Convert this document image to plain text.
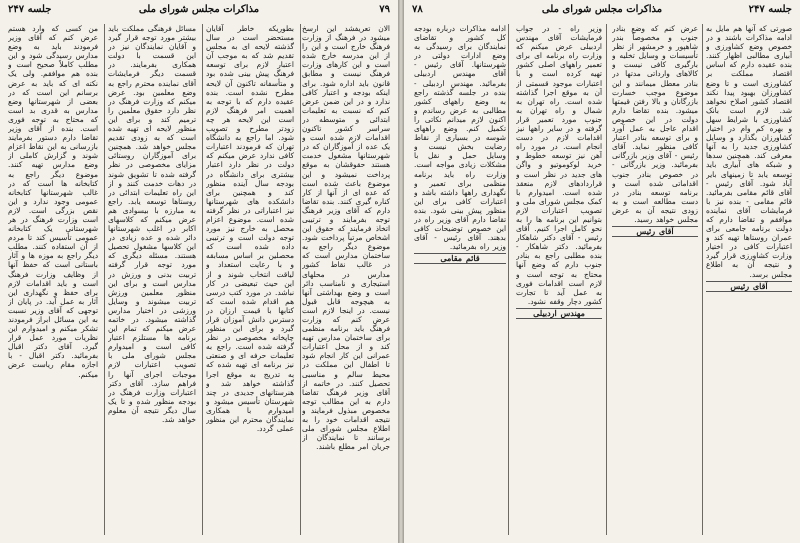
۷۹
مذاکرات مجلس شورای ملی
جلسه ۲۴۷

الان تعریفشد این ارسخ میشود در فرهنگ از وزارت فرهنگ خارج است و این را از این مدرسه خارج شده است و این کارهای وزارت فرهنگ نیست و مطابق قانون باید اداره شود. برای اینکه بودجه و اعتبار کافی ندارد و در این ضمن عرض کنم که نسبت به تعلیمات ابتدائی و متوسطه در سراسر کشور تاکنون اقدامات لازم شده است و یک عده از آموزگاران که در شهرستانها مشغول خدمت هستند حقوقشان به موقع پرداخت نمیشود و این موضوع باعث شده است که عده ای از آنها از کار کناره گیری کنند. بنده تقاضا دارم که آقای وزیر فرهنگ توجه بفرمایند و ترتیبی اتخاذ فرمایند که حقوق این اشخاص مرتباً پرداخت شود. موضوع دیگر راجع به ساختمان مدارس است که در غالب نقاط کشور مدارس در محلهای استیجاری و نامناسب دائر است و وضع بهداشتی آنها به هیچوجه قابل قبول نیست. در اینجا لازم است عرض کنم که وزارت فرهنگ باید برنامه منظمی برای ساختمان مدارس تهیه کند و از محل اعتبارات عمرانی این کار انجام شود تا اطفال این مملکت در محیط سالم و مناسبی تحصیل کنند. در خاتمه از آقای وزیر فرهنگ تقاضا دارم به این مطالب توجه مخصوص مبذول فرمایند و نتیجه اقدامات خود را به اطلاع مجلس شورای ملی برسانند تا نمایندگان از جریان امر مطلع باشند.

بطوریکه خاطر آقایان مستحضر است در سال گذشته لایحه ای به مجلس تقدیم شد که به موجب آن اعتبار لازم برای توسعه فرهنگ پیش بینی شده بود و متأسفانه تاکنون آن لایحه مطرح نشده است. بنده عقیده دارم که با توجه به اهمیت امر فرهنگ لازم است این لایحه هر چه زودتر مطرح و تصویب شود. اما راجع به دانشگاه تهران که فرمودند اعتبارات کافی ندارد عرض میکنم که دولت در نظر دارد اعتبار بیشتری برای دانشگاه در بودجه سال آینده منظور کند و همچنین برای دانشکده های شهرستانها نیز اعتباراتی در نظر گرفته شده است. موضوع اعزام محصل به خارج نیز مورد توجه دولت است و ترتیبی داده شده است که محصلین بر اساس مسابقه و با رعایت استعداد و لیاقت انتخاب شوند و از این حیث تبعیضی در کار نباشد. در مورد کتب درسی هم اقدام شده است که کتابها با قیمت ارزان در دسترس دانش آموزان قرار گیرد و برای این منظور چاپخانه مخصوصی در نظر گرفته شده است. راجع به تعلیمات حرفه ای و صنعتی نیز برنامه ای تهیه شده که به تدریج به موقع اجرا گذاشته خواهد شد و هنرستانهای جدیدی در چند شهرستان تأسیس میشود و امیدوارم با همکاری نمایندگان محترم این منظور عملی گردد.

مسائل فرهنگی مملکت باید بیشتر مورد توجه قرار گیرد و آقایان نمایندگان نیز در این قسمت با دولت همکاری بفرمایند. در قسمت دیگر فرمایشات آقای نماینده محترم راجع به وضع معلمین بود. عرض میکنم که وزارت فرهنگ در نظر دارد حقوق معلمین را ترمیم کند و برای این منظور لایحه ای تهیه شده است که به زودی تقدیم مجلس خواهد شد. همچنین برای آموزگاران روستائی مزایای مخصوصی در نظر گرفته شده تا تشویق شوند در دهات خدمت کنند و از این راه تعلیمات ابتدائی در روستاها توسعه یابد. راجع به مبارزه با بیسوادی هم عرض میکنم که کلاسهای اکابر در اغلب شهرستانها دائر شده و عده زیادی در این کلاسها مشغول تحصیل هستند. مسئله دیگری که مورد توجه قرار گرفته تربیت بدنی و ورزش در مدارس است و برای این منظور معلمین ورزش تربیت میشوند و وسایل ورزشی در اختیار مدارس گذاشته میشود. در خاتمه عرض میکنم که تمام این برنامه ها مستلزم اعتبار کافی است و امیدوارم مجلس شورای ملی با تصویب اعتبارات لازم موجبات اجرای آنها را فراهم سازد. آقای دکتر اعتبارات وزارت فرهنگ در بودجه منظور شده و تا یک سال دیگر نتیجه آن معلوم خواهد شد.

من کسی که وارد هستم عرض کنم که آقای وزیر فرمودند باید به وضع مدارس رسیدگی شود و این مطلب کاملاً صحیح است و بنده هم موافقم. ولی یک نکته ای که باید به عرض برسانم این است که در بعضی از شهرستانها وضع مدارس به قدری بد است که محتاج به توجه فوری است. بنده از آقای وزیر تقاضا دارم دستور بفرمایند بازرسانی به این نقاط اعزام شوند و گزارش کاملی از وضع مدارس تهیه کنند. موضوع دیگر راجع به کتابخانه ها است که در غالب شهرستانها کتابخانه عمومی وجود ندارد و این نقص بزرگی است. لازم است وزارت فرهنگ در هر شهرستانی یک کتابخانه عمومی تأسیس کند تا مردم از آن استفاده کنند. مطلب دیگر راجع به موزه ها و آثار باستانی است که حفظ آنها از وظایف وزارت فرهنگ است و باید اقدامات لازم برای حفظ و نگهداری این آثار به عمل آید. در پایان از توجهی که آقای وزیر نسبت به این مسائل ابراز فرمودند تشکر میکنم و امیدوارم این نظریات مورد عمل قرار گیرد. آقای دکتر اقبال بفرمائید. دکتر اقبال - با اجازه مقام ریاست عرض میکنم.

جلسه ۲۴۷
مذاکرات مجلس شورای ملی
۷۸

صورتی که آنها هم مایل به ادامه مذاکرات باشند و در خصوص وضع کشاورزی و آبیاری مطالبی اظهار کنند. بنده عقیده دارم که اساس اقتصاد مملکت بر کشاورزی است و تا وضع کشاورزان بهبود پیدا نکند اقتصاد کشور اصلاح نخواهد شد. لازم است بانک کشاورزی با شرایط سهل و بهره کم وام در اختیار کشاورزان بگذارد و وسایل کشاورزی جدید را به آنها معرفی کند. همچنین سدها و شبکه های آبیاری باید توسعه یابد تا زمینهای بایر آباد شود. آقای رئیس - آقای قائم مقامی بفرمائید. قائم مقامی - بنده نیز با فرمایشات آقای نماینده موافقم و تقاضا دارم که دولت برنامه جامعی برای عمران روستاها تهیه کند و اعتبارات کافی در اختیار وزارت کشاورزی قرار گیرد و نتیجه آن به اطلاع مجلس برسد.

آقای رئیس

عرض کنم که وضع بنادر جنوب و مخصوصاً بندر شاهپور و خرمشهر از نظر تأسیسات و وسایل تخلیه و بارگیری کافی نیست و کالاهای وارداتی مدتها در بنادر معطل میمانند و این موضوع موجب خسارت بازرگانان و بالا رفتن قیمتها میشود. بنده تقاضا دارم دولت در این خصوص اقدام عاجل به عمل آورد و برای توسعه بنادر اعتبار کافی منظور نماید. آقای رئیس - آقای وزیر بازرگانی بفرمائید. وزیر بازرگانی - در خصوص بنادر جنوب اقداماتی شده است و برنامه توسعه بنادر در دست مطالعه است و به زودی نتیجه آن به عرض مجلس خواهد رسید.

آقای رئیس

وزیر راه - در جواب فرمایشات آقای مهندس اردبیلی عرض میکنم که وزارت راه برنامه ای برای تعمیر راههای اصلی کشور تهیه کرده است و با اعتبارات موجود قسمتی از آن به موقع اجرا گذاشته شده است. راه تهران به شمال و راه تهران به جنوب مورد تعمیر قرار گرفته و در سایر راهها نیز اقدامات لازم در دست انجام است. در مورد راه آهن نیز توسعه خطوط و خرید لوکوموتیو و واگن های جدید در نظر است و قراردادهای لازم منعقد شده است. امیدوارم با کمک مجلس شورای ملی و تصویب اعتبارات لازم بتوانیم این برنامه ها را به نحو کامل اجرا کنیم. آقای رئیس - آقای دکتر شاهکار بفرمائید. دکتر شاهکار - بنده مطلبی راجع به بنادر جنوب دارم که وضع آنها محتاج به توجه است و لازم است اقدامات فوری به عمل آید تا تجارت کشور دچار وقفه نشود.

مهندس اردبیلی

ادامه مذاکرات درباره بودجه کل کشور و تقاضای نمایندگان برای رسیدگی به وضع ادارات دولتی در شهرستانها. آقای رئیس - آقای مهندس اردبیلی بفرمائید. مهندس اردبیلی - بنده در جلسه گذشته راجع به وضع راههای کشور مطالبی به عرض رساندم و اکنون لازم میدانم نکاتی را تکمیل کنم. وضع راههای شوسه در بسیاری از نقاط رضایت بخش نیست و وسایل حمل و نقل با مشکلات زیادی مواجه است. وزارت راه باید برنامه منظمی برای تعمیر و نگهداری راهها داشته باشد و اعتبارات کافی برای این منظور پیش بینی شود. بنده تقاضا دارم آقای وزیر راه در این خصوص توضیحات کافی بدهند. آقای رئیس - آقای وزیر راه بفرمائید.

قائم مقامی
